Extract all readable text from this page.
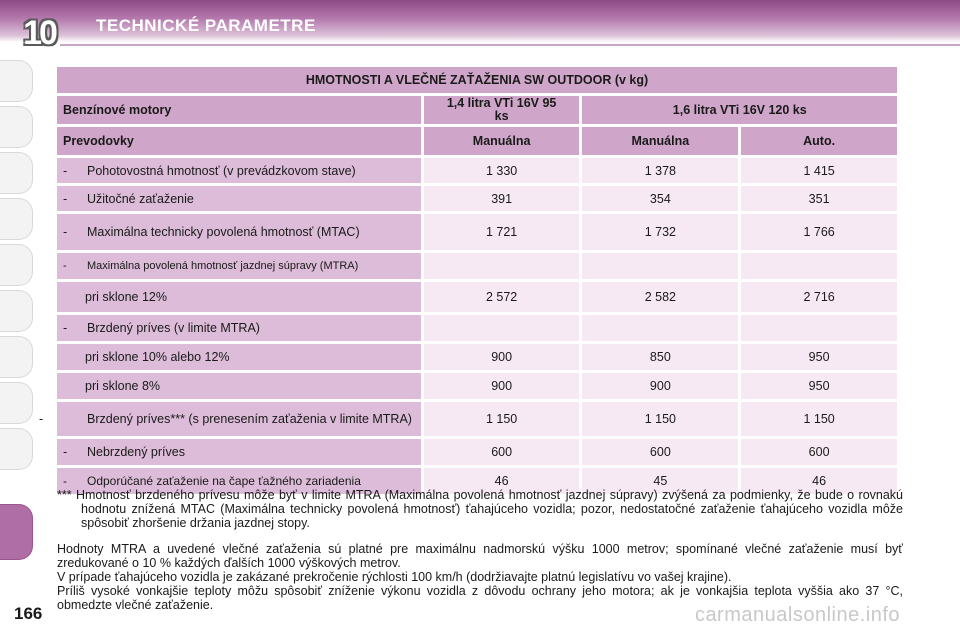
10	TECHNICKÉ PARAMETRE
HMOTNOSTI A VLEČNÉ ZAŤAŽENIA SW OUTDOOR (v kg)			
Benzínové motory	1,4 litra VTi 16V 95 ks	1,6 litra VTi 16V 120 ks	
Prevodovky	Manuálna	Manuálna	Auto.
- Pohotovostná hmotnosť (v prevádzkovom stave)	1 330	1 378	1 415
- Užitočné zaťaženie	391	354	351
- Maximálna technicky povolená hmotnosť (MTAC)	1 721	1 732	1 766
- Maximálna povolená hmotnosť jazdnej súpravy (MTRA)			
pri sklone 12%	2 572	2 582	2 716
- Brzdený príves (v limite MTRA)			
pri sklone 10% alebo 12%	900	850	950
pri sklone 8%	900	900	950
- Brzdený príves*** (s prenesením zaťaženia v limite MTRA)	1 150	1 150	1 150
- Nebrzdený príves	600	600	600
- Odporúčané zaťaženie na čape ťažného zariadenia	46	45	46

*** Hmotnosť brzdeného prívesu môže byť v limite MTRA (Maximálna povolená hmotnosť jazdnej súpravy) zvýšená za podmienky, že bude o rovnakú hodnotu znížená MTAC (Maximálna technicky povolená hmotnosť) ťahajúceho vozidla; pozor, nedostatočné zaťaženie ťahajúceho vozidla môže spôsobiť zhoršenie držania jazdnej stopy.

Hodnoty MTRA a uvedené vlečné zaťaženia sú platné pre maximálnu nadmorskú výšku 1000 metrov; spomínané vlečné zaťaženie musí byť zredukované o 10 % každých ďalších 1000 výškových metrov.

V prípade ťahajúceho vozidla je zakázané prekročenie rýchlosti 100 km/h (dodržiavajte platnú legislatívu vo vašej krajine).

Príliš vysoké vonkajšie teploty môžu spôsobiť zníženie výkonu vozidla z dôvodu ochrany jeho motora; ak je vonkajšia teplota vyššia ako 37 °C, obmedzte vlečné zaťaženie.

166	carmanualsonline.info
